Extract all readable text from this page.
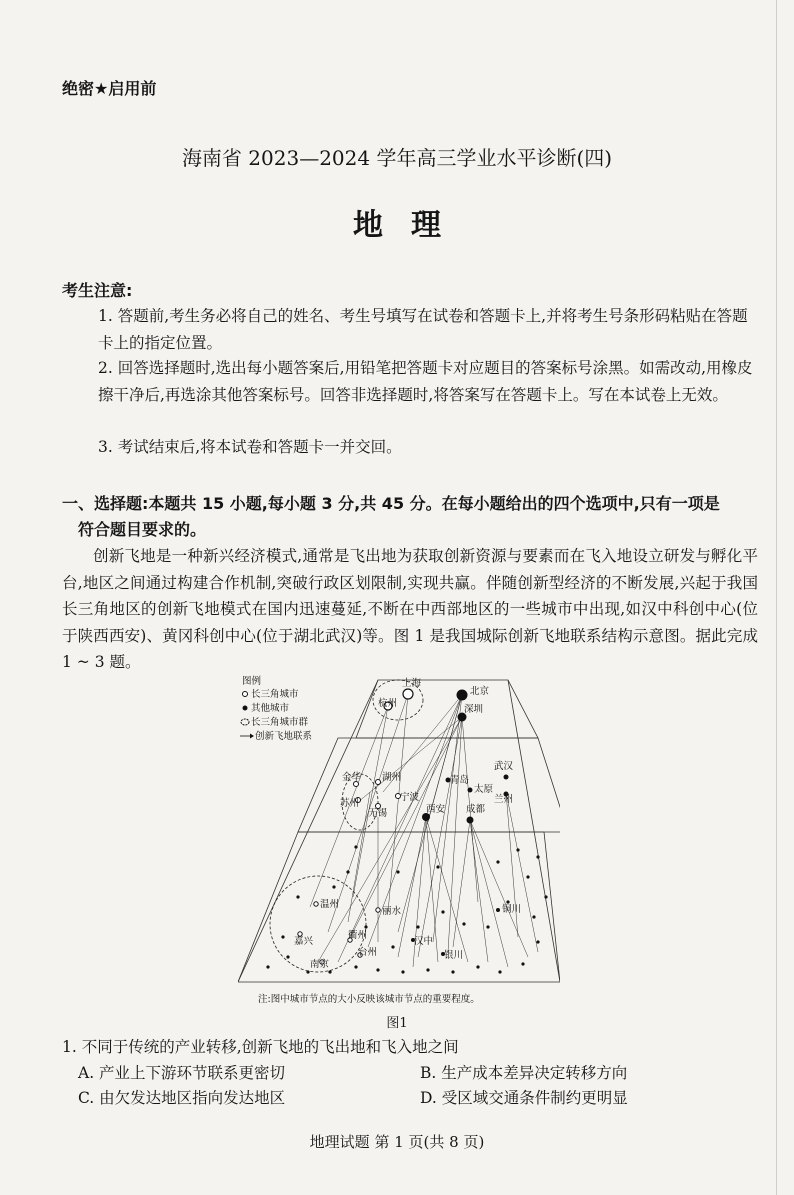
绝密★启用前
海南省 2023—2024 学年高三学业水平诊断(四)
地理
考生注意:
1. 答题前,考生务必将自己的姓名、考生号填写在试卷和答题卡上,并将考生号条形码粘贴在答题卡上的指定位置。
2. 回答选择题时,选出每小题答案后,用铅笔把答题卡对应题目的答案标号涂黑。如需改动,用橡皮擦干净后,再选涂其他答案标号。回答非选择题时,将答案写在答题卡上。写在本试卷上无效。
3. 考试结束后,将本试卷和答题卡一并交回。
一、选择题:本题共 15 小题,每小题 3 分,共 45 分。在每小题给出的四个选项中,只有一项是
符合题目要求的。
创新飞地是一种新兴经济模式,通常是飞出地为获取创新资源与要素而在飞入地设立研发与孵化平台,地区之间通过构建合作机制,突破行政区划限制,实现共赢。伴随创新型经济的不断发展,兴起于我国长三角地区的创新飞地模式在国内迅速蔓延,不断在中西部地区的一些城市中出现,如汉中科创中心(位于陕西西安)、黄冈科创中心(位于湖北武汉)等。图 1 是我国城际创新飞地联系结构示意图。据此完成 1 ~ 3 题。
上海
北京
杭州
深圳
武汉
金华 湖州	青岛
太原
兰州
苏州
无锡
宁波
成都
西安
温州
丽水	铜川
嘉兴
衢州
台州
汉中
银川
南京
图例
长三角城市
其他城市
长三角城市群
创新飞地联系
注:图中城市节点的大小反映该城市节点的重要程度。
图1
1. 不同于传统的产业转移,创新飞地的飞出地和飞入地之间
A. 产业上下游环节联系更密切	B. 生产成本差异决定转移方向
C. 由欠发达地区指向发达地区	D. 受区域交通条件制约更明显
地理试题 第 1 页(共 8 页)
